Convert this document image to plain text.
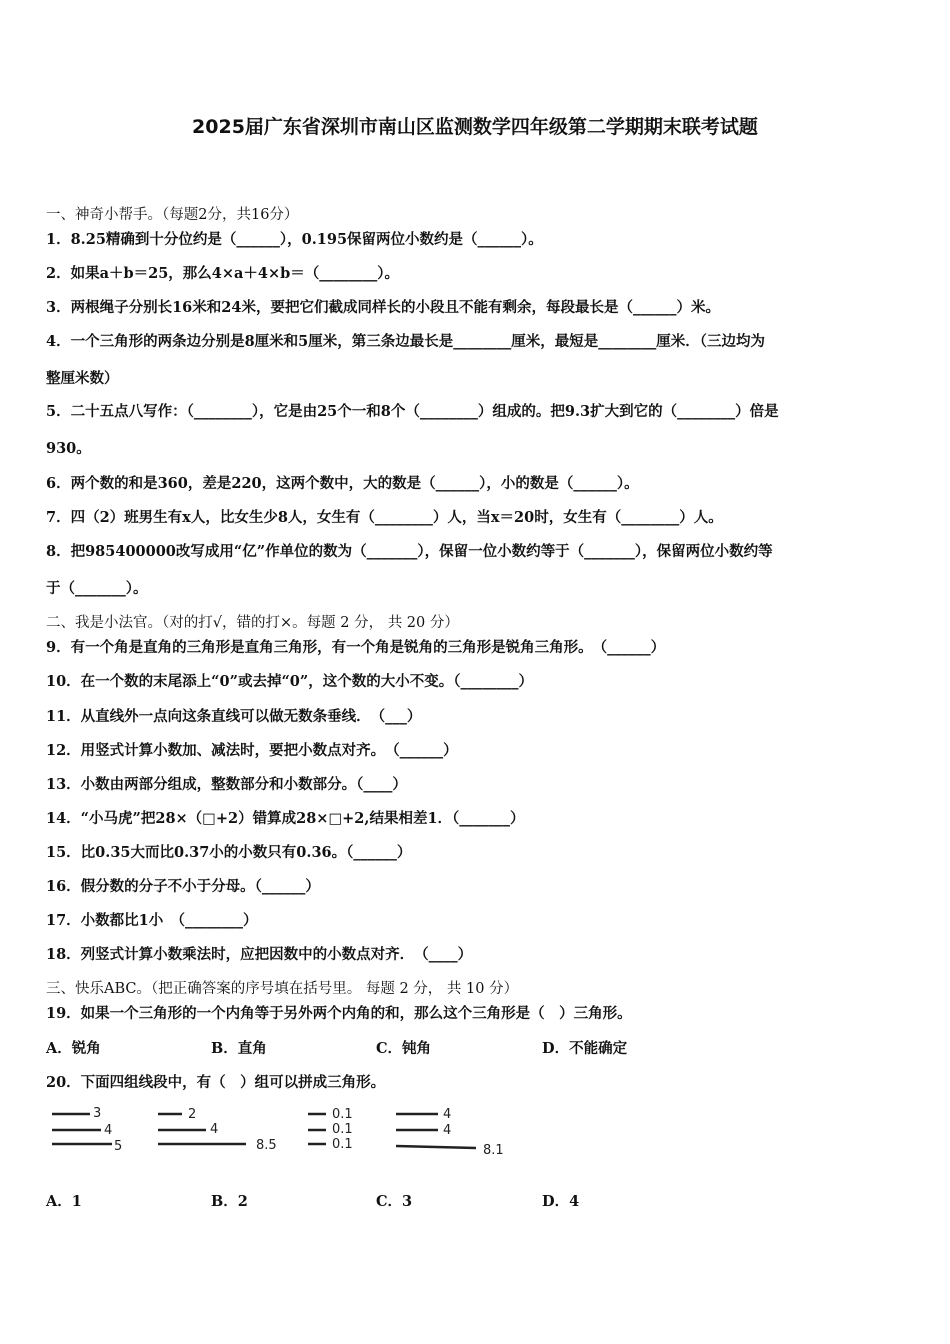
2025届广东省深圳市南山区监测数学四年级第二学期期末联考试题
一、神奇小帮手。（每题2分，共16分）
1．8.25精确到十分位约是（______），0.195保留两位小数约是（______）。
2．如果a＋b＝25，那么4×a＋4×b＝（________）。
3．两根绳子分别长16米和24米，要把它们截成同样长的小段且不能有剩余，每段最长是（______）米。
4．一个三角形的两条边分别是8厘米和5厘米，第三条边最长是________厘米，最短是________厘米．（三边均为
整厘米数）
5．二十五点八写作：（________），它是由25个一和8个（________）组成的。把9.3扩大到它的（________）倍是
930。
6．两个数的和是360，差是220，这两个数中，大的数是（______），小的数是（______）。
7．四（2）班男生有x人，比女生少8人，女生有（________）人，当x＝20时，女生有（________）人。
8．把985400000改写成用“亿”作单位的数为（_______），保留一位小数约等于（_______），保留两位小数约等
于（_______）。
二、我是小法官。（对的打√，错的打×。每题 2 分， 共 20 分）
9．有一个角是直角的三角形是直角三角形，有一个角是锐角的三角形是锐角三角形。　（______）
10．在一个数的末尾添上“0”或去掉“0”，这个数的大小不变。（________）
11．从直线外一点向这条直线可以做无数条垂线．　（___）
12．用竖式计算小数加、减法时，要把小数点对齐。　（______）
13．小数由两部分组成，整数部分和小数部分。（____）
14．“小马虎”把28×（□+2）错算成28×□+2,结果相差1．（_______）
15．比0.35大而比0.37小的小数只有0.36。（______）
16．假分数的分子不小于分母。（______）
17．小数都比1小　（________）
18．列竖式计算小数乘法时，应把因数中的小数点对齐．　（____）
三、快乐ABC。（把正确答案的序号填在括号里。 每题 2 分， 共 10 分）
19．如果一个三角形的一个内角等于另外两个内角的和，那么这个三角形是（　）三角形。
A．锐角	B．直角	C．钝角	D．不能确定
20．下面四组线段中，有（　）组可以拼成三角形。
3
4
5
2
4
8.5
0.1
0.1
0.1
4
4
8.1
A．1	B．2	C．3	D．4
